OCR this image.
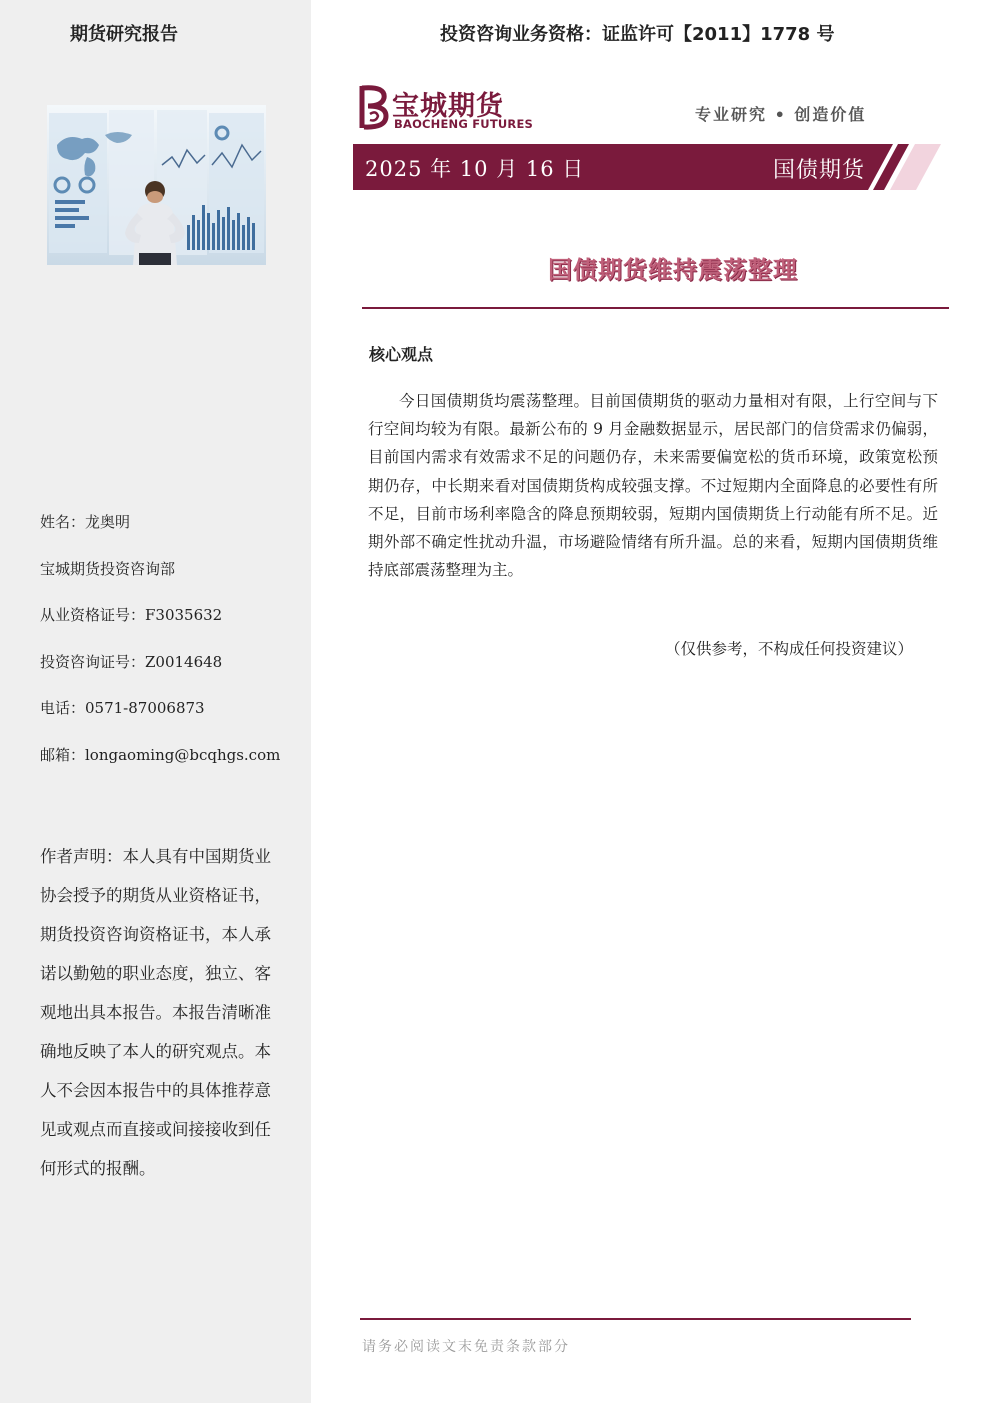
期货研究报告
姓名：龙奥明
宝城期货投资咨询部
从业资格证号：F3035632
投资咨询证号：Z0014648
电话：0571-87006873
邮箱：longaoming@bcqhgs.com
作者声明：本人具有中国期货业协会授予的期货从业资格证书，期货投资咨询资格证书，本人承诺以勤勉的职业态度，独立、客观地出具本报告。本报告清晰准确地反映了本人的研究观点。本人不会因本报告中的具体推荐意见或观点而直接或间接接收到任何形式的报酬。
投资咨询业务资格：证监许可【2011】1778 号
宝城期货
BAOCHENG FUTURES	专业研究 • 创造价值
2025 年 10 月 16 日	国债期货
国债期货维持震荡整理
核心观点
今日国债期货均震荡整理。目前国债期货的驱动力量相对有限，上行空间与下行空间均较为有限。最新公布的 9 月金融数据显示，居民部门的信贷需求仍偏弱，目前国内需求有效需求不足的问题仍存，未来需要偏宽松的货币环境，政策宽松预期仍存，中长期来看对国债期货构成较强支撑。不过短期内全面降息的必要性有所不足，目前市场利率隐含的降息预期较弱，短期内国债期货上行动能有所不足。近期外部不确定性扰动升温，市场避险情绪有所升温。总的来看，短期内国债期货维持底部震荡整理为主。
（仅供参考，不构成任何投资建议）
请务必阅读文末免责条款部分
